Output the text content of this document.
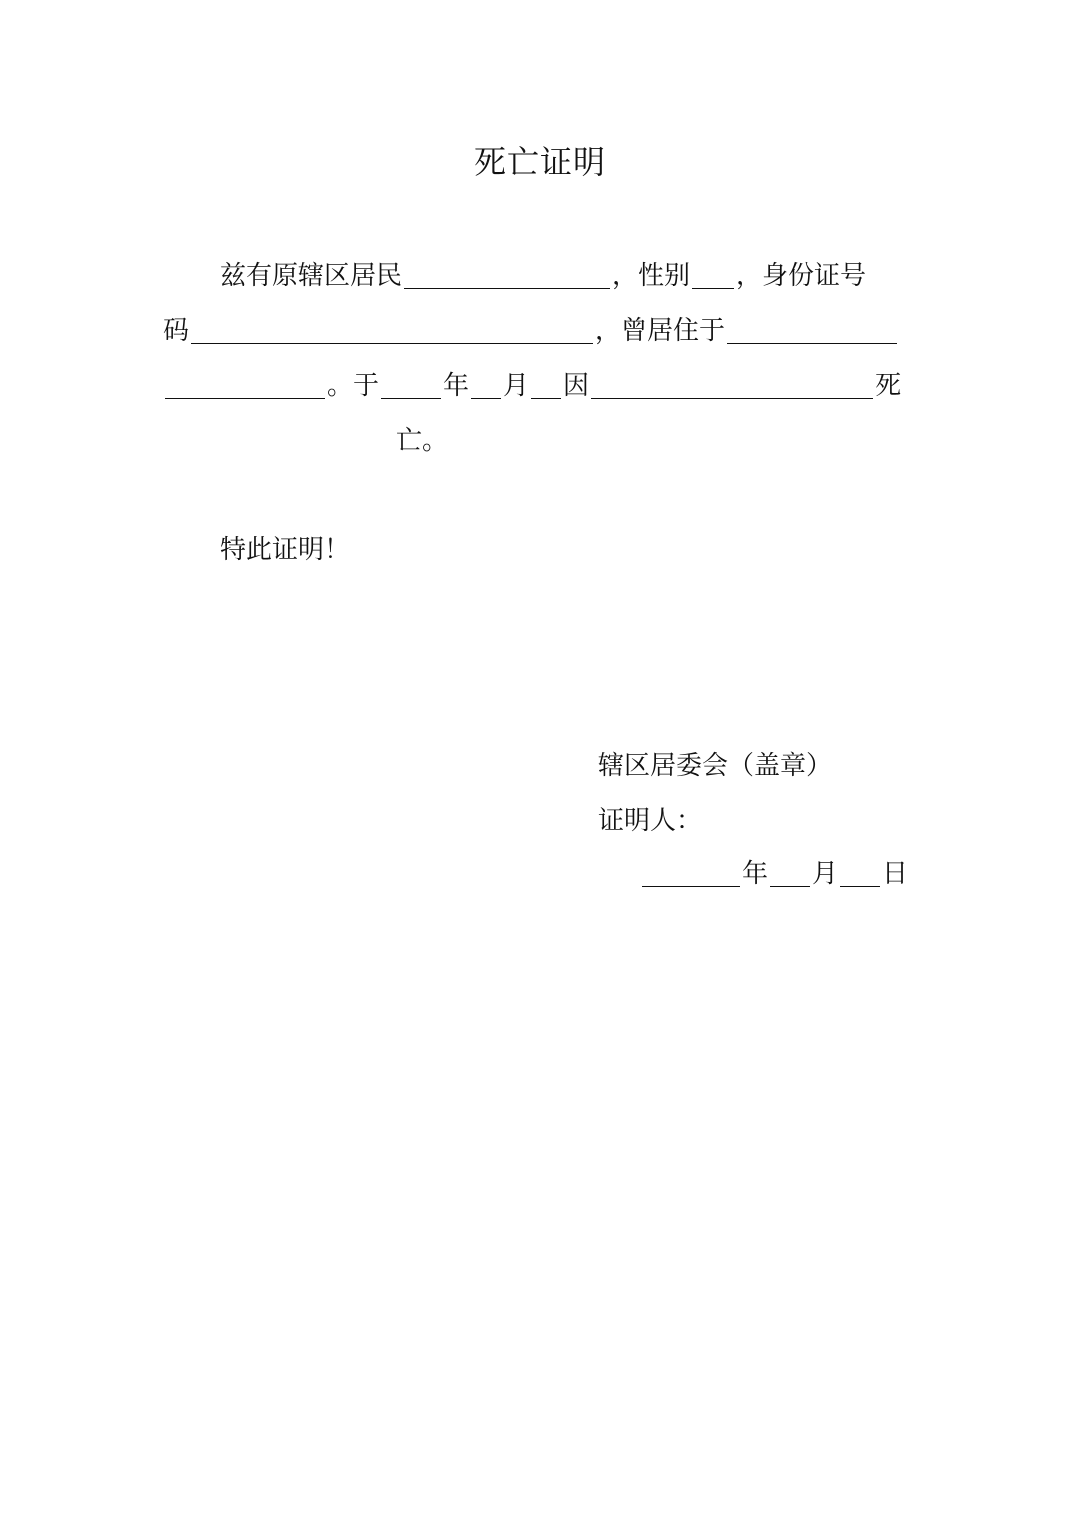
死亡证明
兹有原辖区居民	，性别 ，身份证号
码	，曾居住于
。于 年 月 因	死
亡。
特此证明！
辖区居委会（盖章）
证明人：
年 月 日
